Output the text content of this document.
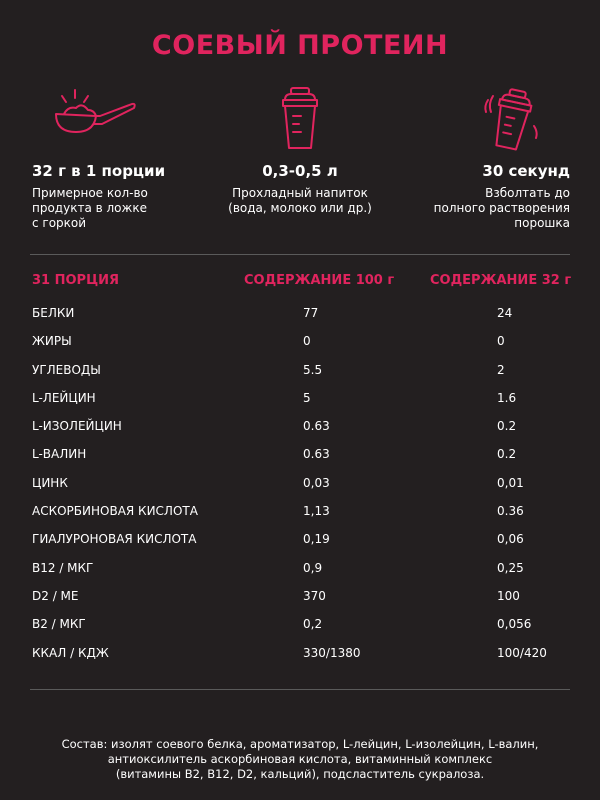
СОЕВЫЙ ПРОТЕИН
32 г в 1 порции
Примерное кол-во
продукта в ложке
с горкой
0,3-0,5 л
Прохладный напиток
(вода, молоко или др.)
30 секунд
Взболтать до
полного растворения
порошка
31 ПОРЦИЯ	СОДЕРЖАНИЕ 100 г	СОДЕРЖАНИЕ 32 г
БЕЛКИ	77	24
ЖИРЫ	0	0
УГЛЕВОДЫ	5.5	2
L-ЛЕЙЦИН	5	1.6
L-ИЗОЛЕЙЦИН	0.63	0.2
L-ВАЛИН	0.63	0.2
ЦИНК	0,03	0,01
АСКОРБИНОВАЯ КИСЛОТА	1,13	0.36
ГИАЛУРОНОВАЯ КИСЛОТА	0,19	0,06
В12 / МКГ	0,9	0,25
D2 / МЕ	370	100
В2 / МКГ	0,2	0,056
ККАЛ / КДЖ	330/1380	100/420
Состав: изолят соевого белка, ароматизатор, L-лейцин, L-изолейцин, L-валин,
антиоксилитель аскорбиновая кислота, витаминный комплекс
(витамины В2, В12, D2, кальций), подсластитель сукралоза.
